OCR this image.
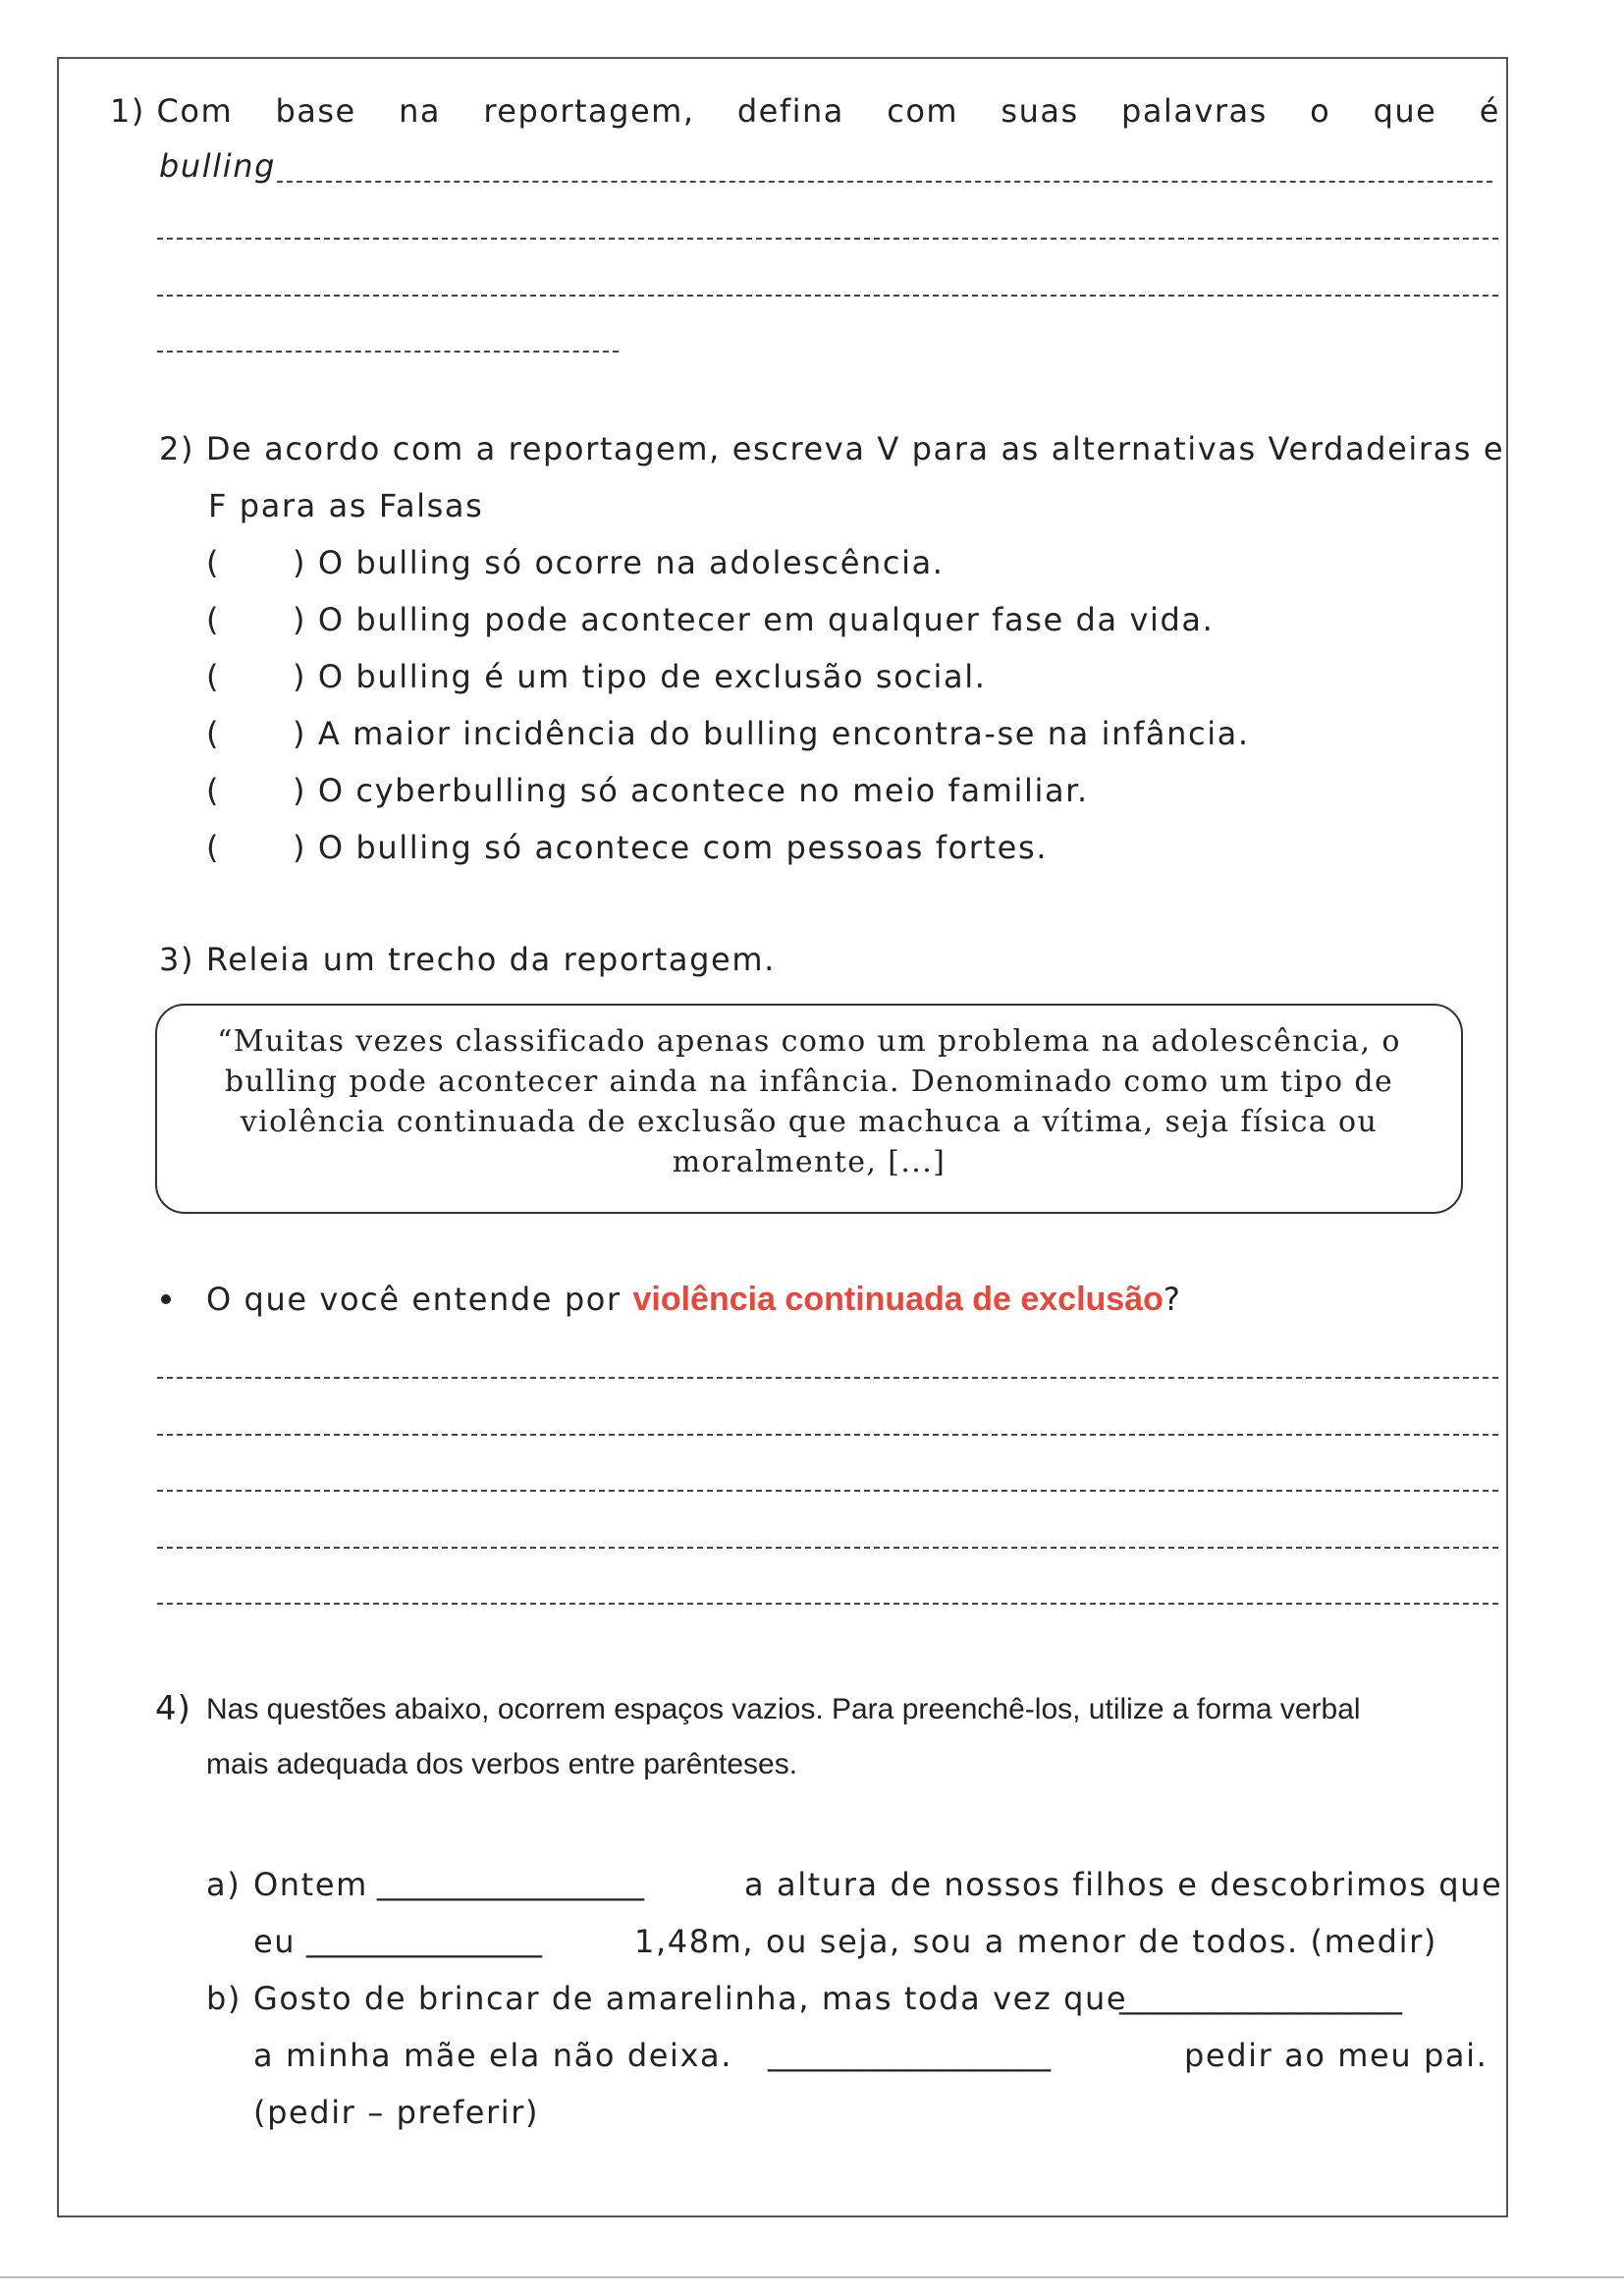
1) Com base na reportagem, defina com suas palavras o que é
bulling
2) De acordo com a reportagem, escreva V para as alternativas Verdadeiras e
F para as Falsas
( ) O bulling só ocorre na adolescência.
( ) O bulling pode acontecer em qualquer fase da vida.
( ) O bulling é um tipo de exclusão social.
( ) A maior incidência do bulling encontra-se na infância.
( ) O cyberbulling só acontece no meio familiar.
( ) O bulling só acontece com pessoas fortes.
3) Releia um trecho da reportagem.
“Muitas vezes classificado apenas como um problema na adolescência, o
bulling pode acontecer ainda na infância. Denominado como um tipo de
violência continuada de exclusão que machuca a vítima, seja física ou
moralmente, [...]
O que você entende por violência continuada de exclusão?
4) Nas questões abaixo, ocorrem espaços vazios. Para preenchê-los, utilize a forma verbal
mais adequada dos verbos entre parênteses.
a) Ontem _________________	a altura de nossos filhos e descobrimos que
eu _______________	1,48m, ou seja, sou a menor de todos. (medir)
b) Gosto de brincar de amarelinha, mas toda vez que
__________________
a minha mãe ela não deixa. __________________	pedir ao meu pai.
(pedir – preferir)
